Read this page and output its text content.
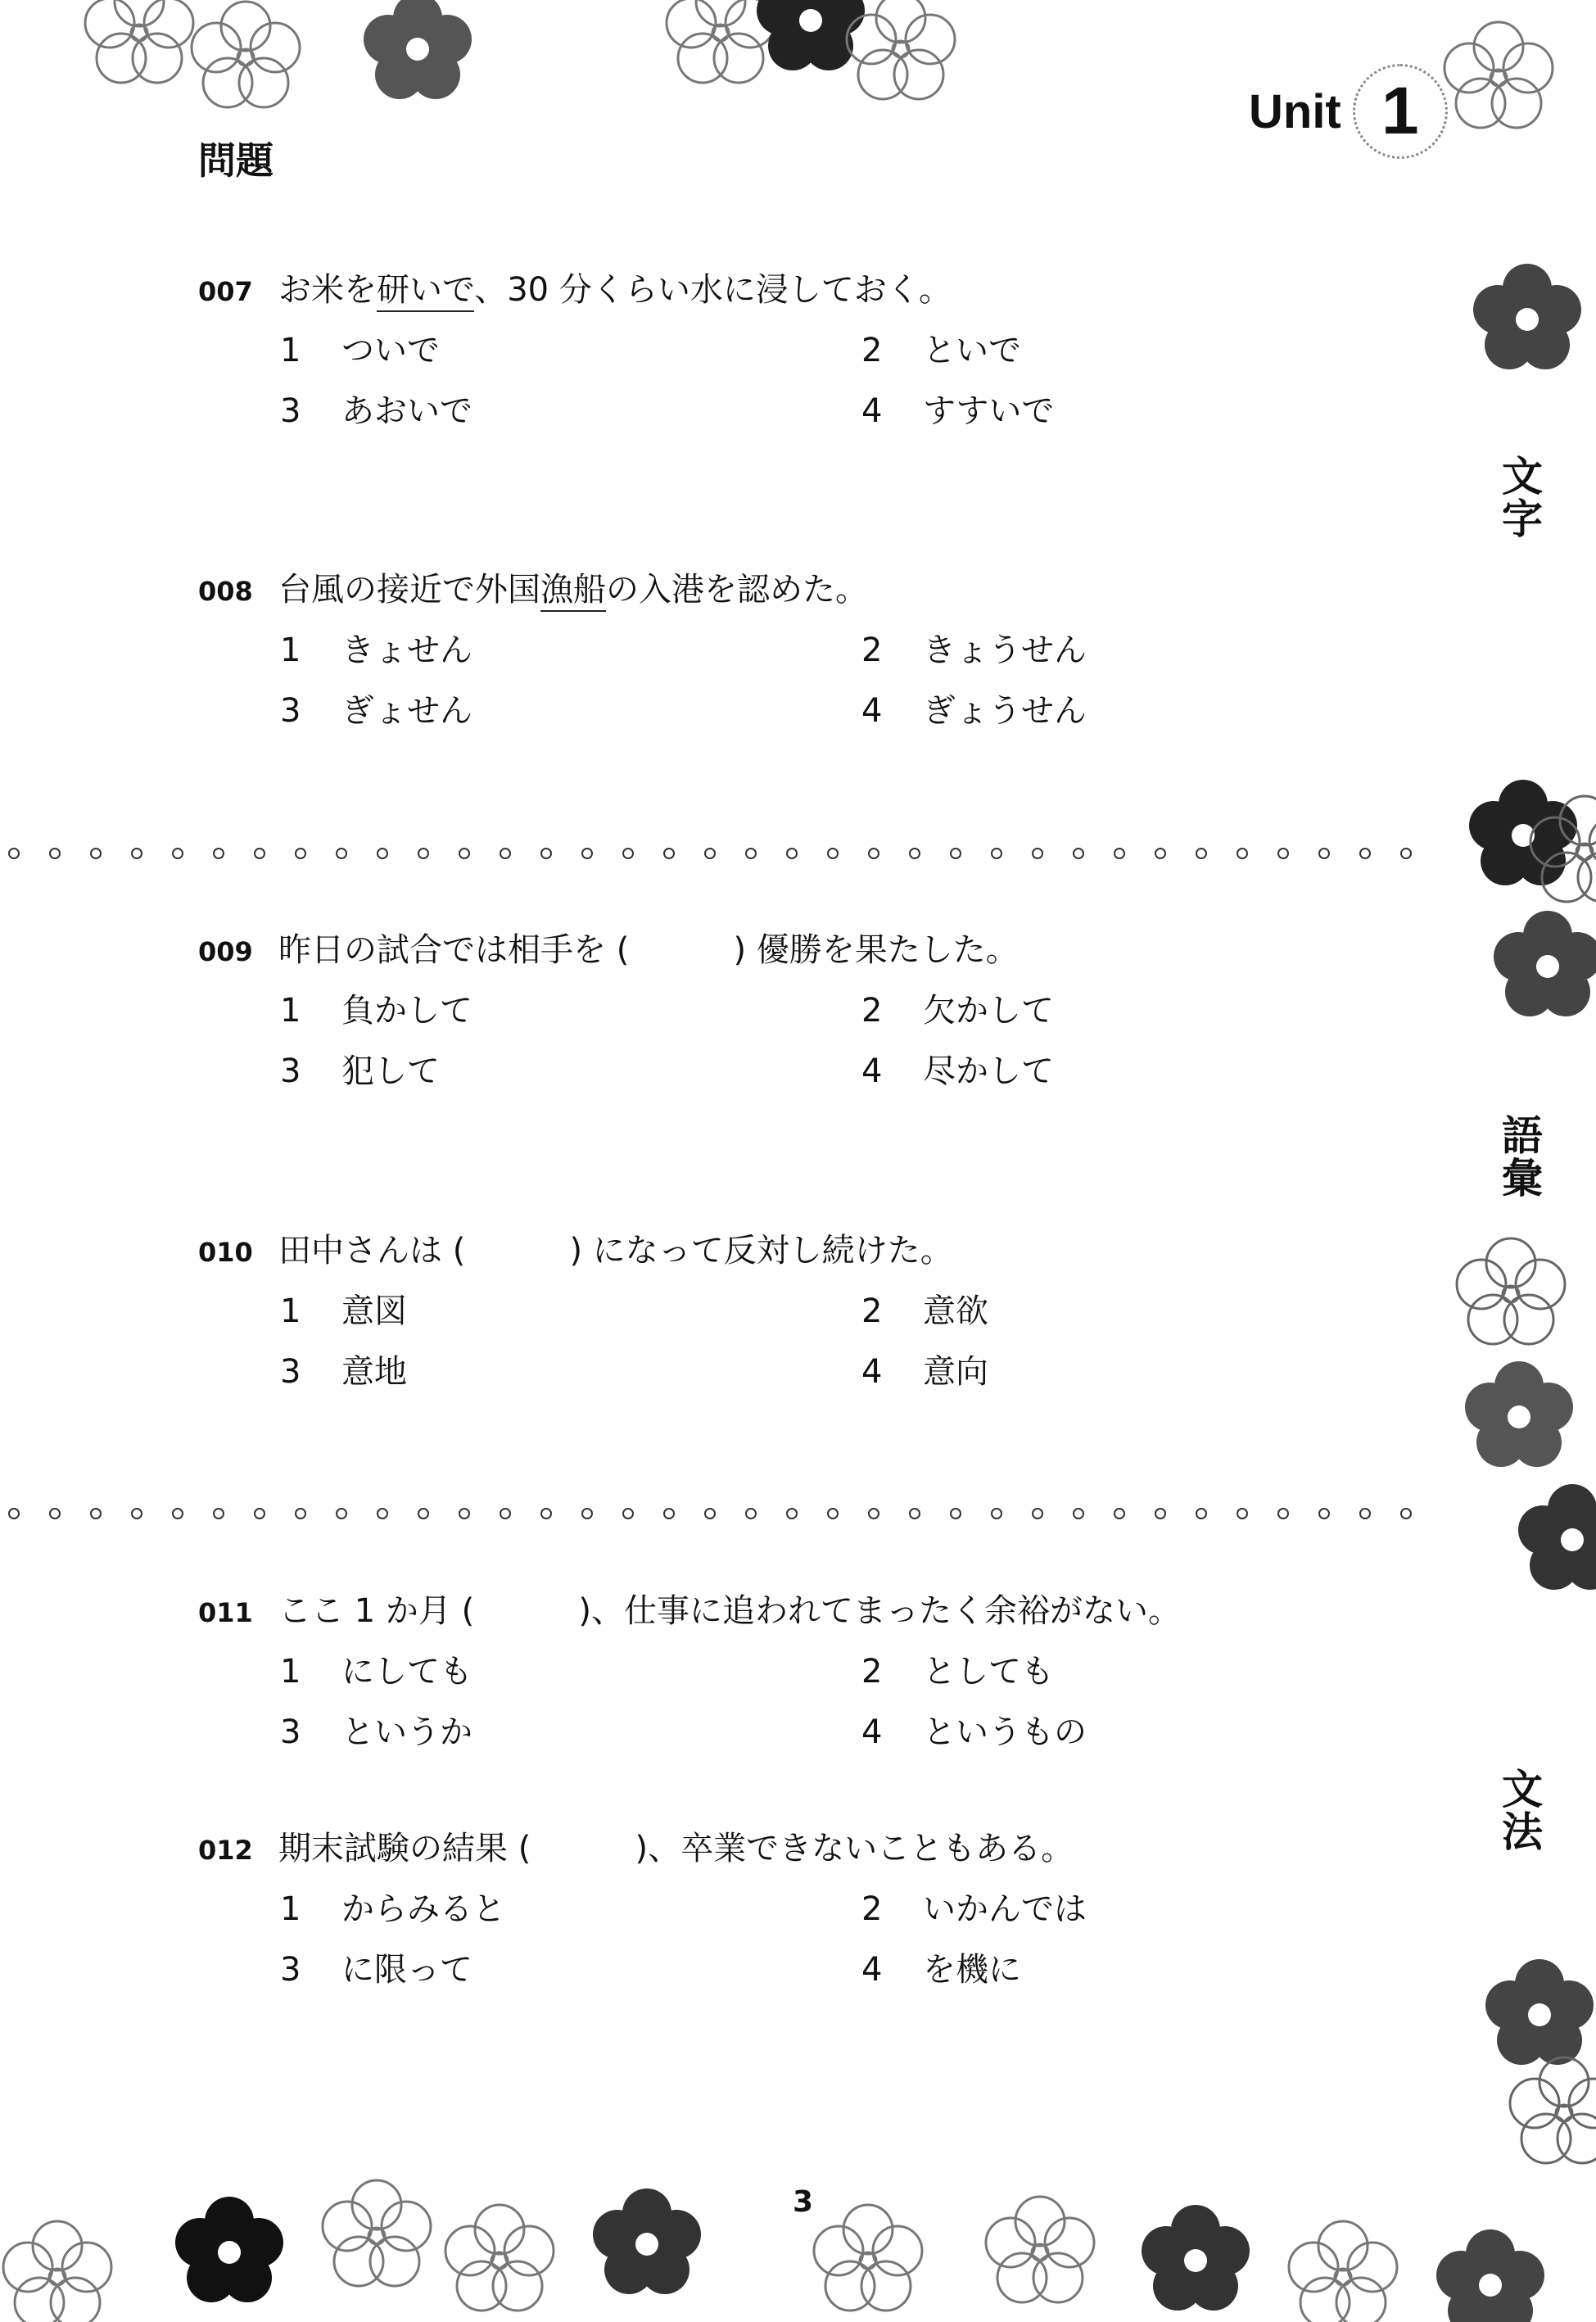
Unit 1
問題
文字
語彙
文法
007 お米を研いで、30 分くらい水に浸しておく。
1	ついで	2	といで
3	あおいで	4	すすいで
008 台風の接近で外国漁船の入港を認めた。
1	きょせん	2	きょうせん
3	ぎょせん	4	ぎょうせん
009 昨日の試合では相手を (	) 優勝を果たした。
1	負かして	2	欠かして
3	犯して	4	尽かして
010 田中さんは (	) になって反対し続けた。
1	意図	2	意欲
3	意地	4	意向
011 ここ 1 か月 (	)、仕事に追われてまったく余裕がない。
1	にしても	2	としても
3	というか	4	というもの
012 期末試験の結果 (	)、卒業できないこともある。
1	からみると	2	いかんでは
3	に限って	4	を機に
3
